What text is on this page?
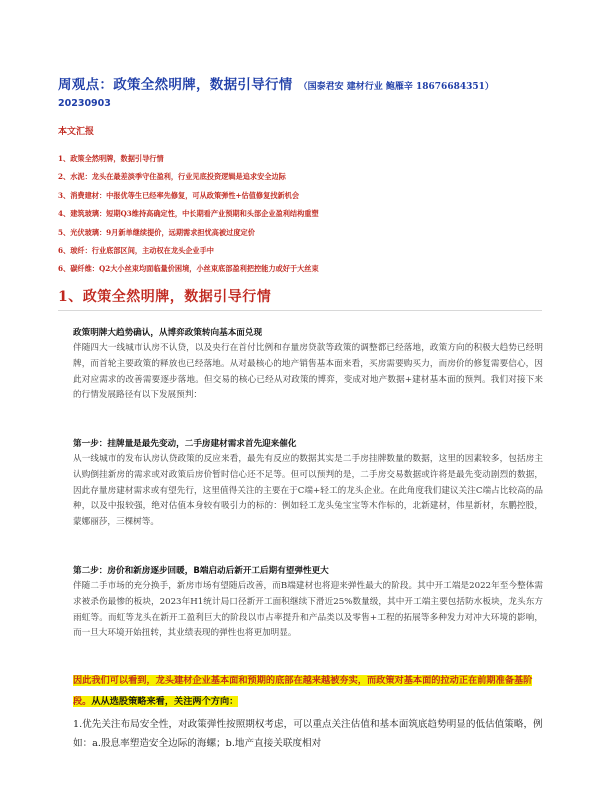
周观点：政策全然明牌，数据引导行情 （国泰君安 建材行业 鲍雁辛 18676684351）
20230903
本文汇报
1、政策全然明牌，数据引导行情
2、水泥：龙头在最差淡季守住盈利，行业见底投资逻辑是追求安全边际
3、消费建材：中报优等生已经率先修复，可从政策弹性+估值修复找新机会
4、建筑玻璃：短期Q3维持高确定性，中长期看产业预期和头部企业盈利结构重塑
5、光伏玻璃：9月新单继续提价，远期需求担忧高被过度定价
6、玻纤：行业底部区间，主动权在龙头企业手中
6、碳纤维：Q2大小丝束均面临量价困境，小丝束底部盈利把控能力或好于大丝束
1、政策全然明牌，数据引导行情
政策明牌大趋势确认，从博弈政策转向基本面兑现
伴随四大一线城市认房不认贷，以及央行在首付比例和存量房贷款等政策的调整都已经落地，政策方向的积极大趋势已经明牌，而首轮主要政策的释放也已经落地。从对最核心的地产销售基本面来看，买房需要购买力，而房价的修复需要信心，因此对应需求的改善需要逐步落地。但交易的核心已经从对政策的博弈，变成对地产数据+建材基本面的预判。我们对接下来的行情发展路径有以下发展预判：
第一步：挂牌量是最先变动，二手房建材需求首先迎来催化
从一线城市的发布认房认贷政策的反应来看，最先有反应的数据其实是二手房挂牌数量的数据，这里的因素较多，包括房主认购倒挂新房的需求或对政策后房价暂时信心还不足等。但可以预判的是，二手房交易数据或许将是最先变动剧烈的数据，因此存量房建材需求或有望先行，这里值得关注的主要在于C端+轻工的龙头企业。在此角度我们建议关注C端占比较高的品种，以及中报较强，绝对估值本身较有吸引力的标的：例如轻工龙头兔宝宝等木作标的，北新建材，伟星新材，东鹏控股，蒙娜丽莎，三棵树等。
第二步：房价和新房逐步回暖，B端启动后新开工后期有望弹性更大
伴随二手市场的充分换手，新房市场有望随后改善，而B端建材也将迎来弹性最大的阶段。其中开工端是2022年至今整体需求被杀伤最惨的板块，2023年H1统计局口径新开工面积继续下滑近25%数量级，其中开工端主要包括防水板块，龙头东方雨虹等。而虹等龙头在新开工盈利巨大的阶段以市占率提升和产品类以及零售+工程的拓展等多种发力对冲大环境的影响，而一旦大环境开始扭转，其业绩表现的弹性也将更加明显。
因此我们可以看到，龙头建材企业基本面和预期的底部在越来越被夯实，而政策对基本面的拉动正在前期准备基阶段。从从选股策略来看，关注两个方向：
1.优先关注布局安全性，对政策弹性按照期权考虑，可以重点关注估值和基本面筑底趋势明显的低估值策略，例如：a.股息率塑造安全边际的海螺；b.地产直接关联度相对
